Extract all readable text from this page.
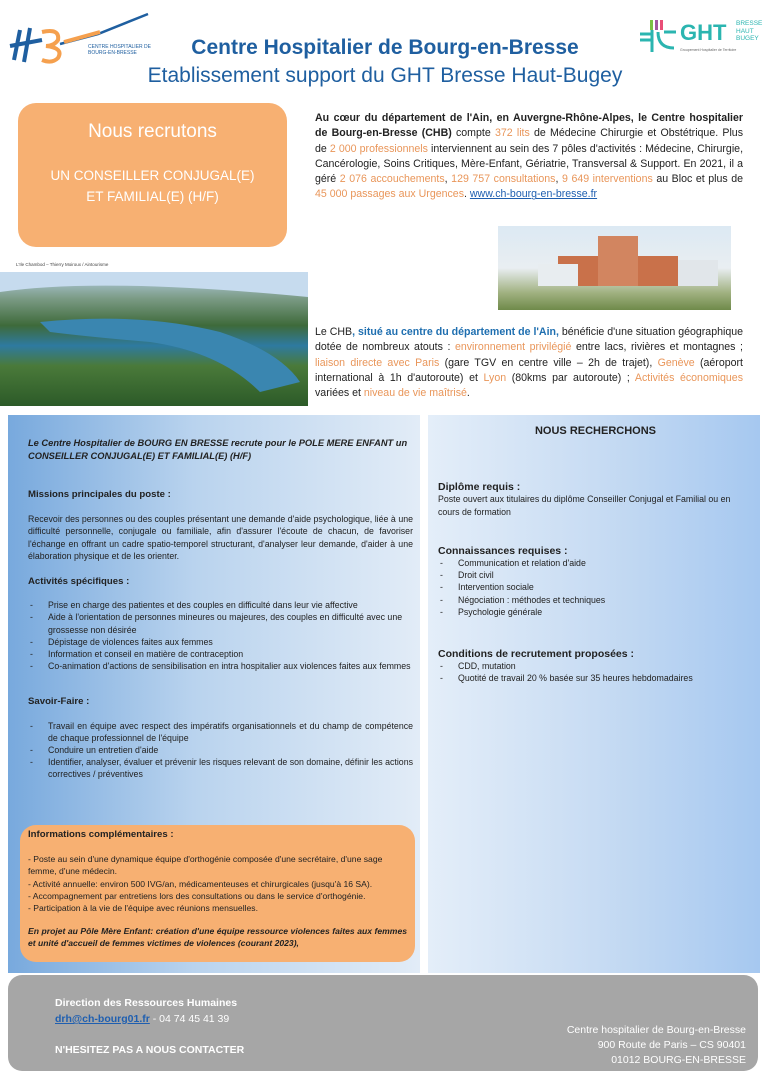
CENTRE HOSPITALIER DE BOURG-EN-BRESSE	Centre Hospitalier de Bourg-en-Bresse
Etablissement support du GHT Bresse Haut-Bugey
GHT BRESSE
HAUT
BUGEY
Groupement Hospitalier de Territoire
Nous recrutons
UN CONSEILLER CONJUGAL(E)
ET FAMILIAL(E) (H/F)
L'Ile Chambod – Thierry Moiroux / Aintourisme
Au cœur du département de l'Ain, en Auvergne-Rhône-Alpes, le Centre hospitalier de Bourg-en-Bresse (CHB) compte 372 lits de Médecine Chirurgie et Obstétrique. Plus de 2 000 professionnels interviennent au sein des 7 pôles d'activités : Médecine, Chirurgie, Cancérologie, Soins Critiques, Mère-Enfant, Gériatrie, Transversal & Support. En 2021, il a géré 2 076 accouchements, 129 757 consultations, 9 649 interventions au Bloc et plus de 45 000 passages aux Urgences. www.ch-bourg-en-bresse.fr
Le CHB, situé au centre du département de l'Ain, bénéficie d'une situation géographique dotée de nombreux atouts : environnement privilégié entre lacs, rivières et montagnes ; liaison directe avec Paris (gare TGV en centre ville – 2h de trajet), Genève (aéroport international à 1h d'autoroute) et Lyon (80kms par autoroute) ; Activités économiques variées et niveau de vie maîtrisé.
Le Centre Hospitalier de BOURG EN BRESSE recrute pour le POLE MERE ENFANT un CONSEILLER CONJUGAL(E) ET FAMILIAL(E) (H/F)
Missions principales du poste :

Recevoir des personnes ou des couples présentant une demande d'aide psychologique, liée à une difficulté personnelle, conjugale ou familiale, afin d'assurer l'écoute de chacun, de favoriser l'échange en offrant un cadre spatio-temporel structurant, d'analyser leur demande, d'aider à une élaboration physique et de les orienter.

Activités spécifiques :
- Prise en charge des patientes et des couples en difficulté dans leur vie affective
- Aide à l'orientation de personnes mineures ou majeures, des couples en difficulté avec une grossesse non désirée
- Dépistage de violences faites aux femmes
- Information et conseil en matière de contraception
- Co-animation d'actions de sensibilisation en intra hospitalier aux violences faites aux femmes
Savoir-Faire :
- Travail en équipe avec respect des impératifs organisationnels et du champ de compétence de chaque professionnel de l'équipe
- Conduire un entretien d'aide
- Identifier, analyser, évaluer et prévenir les risques relevant de son domaine, définir les actions correctives / préventives
Informations complémentaires :
- Poste au sein d'une dynamique équipe d'orthogénie composée d'une secrétaire, d'une sage femme, d'une médecin.
- Activité annuelle: environ 500 IVG/an, médicamenteuses et chirurgicales (jusqu'à 16 SA).
- Accompagnement par entretiens lors des consultations ou dans le service d'orthogénie.
- Participation à la vie de l'équipe avec réunions mensuelles.
En projet au Pôle Mère Enfant: création d'une équipe ressource violences faites aux femmes et unité d'accueil de femmes victimes de violences (courant 2023),
NOUS RECHERCHONS
Diplôme requis :

Poste ouvert aux titulaires du diplôme Conseiller Conjugal et Familial ou en cours de formation

Connaissances requises :
- Communication et relation d'aide
- Droit civil
- Intervention sociale
- Négociation : méthodes et techniques
- Psychologie générale
Conditions de recrutement proposées :
- CDD, mutation
- Quotité de travail 20 % basée sur 35 heures hebdomadaires
Direction des Ressources Humaines
drh@ch-bourg01.fr - 04 74 45 41 39
N'HESITEZ PAS A NOUS CONTACTER
Centre hospitalier de Bourg-en-Bresse
900 Route de Paris – CS 90401
01012 BOURG-EN-BRESSE
